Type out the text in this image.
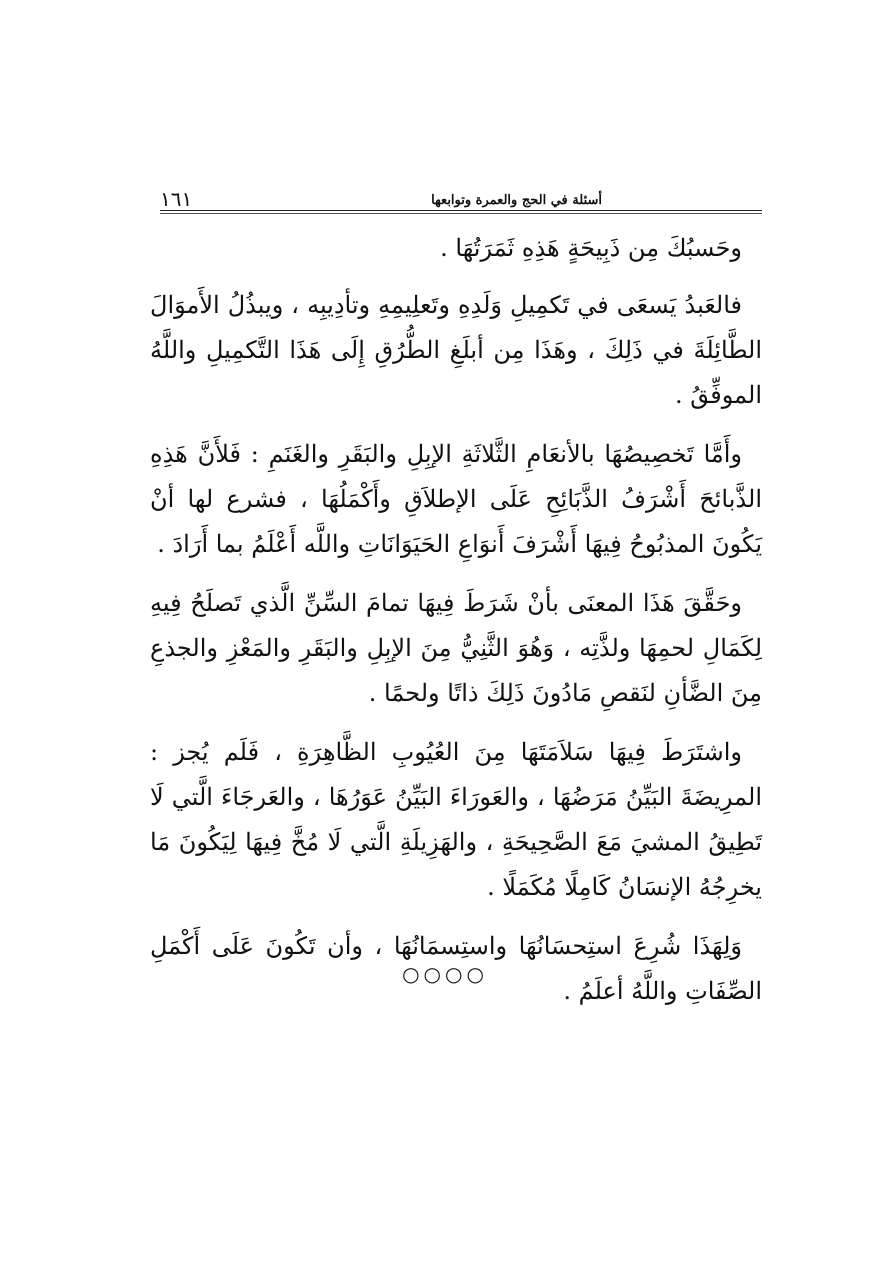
١٦١	أسئلة في الحج والعمرة وتوابعها

وحَسبُكَ مِن ذَبِيحَةٍ هَذِهِ ثَمَرَتُهَا .

فالعَبدُ يَسعَى في تَكمِيلِ وَلَدِهِ وتَعلِيمِهِ وتأدِيبِه ، ويبذُلُ الأَموَالَ الطَّائِلَةَ في ذَلِكَ ، وهَذَا مِن أبلَغِ الطُّرُقِ إِلَى هَذَا التَّكمِيلِ واللَّهُ الموفِّقُ .

وأَمَّا تَخصِيصُهَا بالأنعَامِ الثَّلاثَةِ الإبِلِ والبَقَرِ والغَنَمِ : فَلأَنَّ هَذِهِ الذَّبائحَ أَشْرَفُ الذَّبَائِحِ عَلَى الإطلاَقِ وأَكْمَلُهَا ، فشرع لها أنْ يَكُونَ المذبُوحُ فِيهَا أَشْرَفَ أَنوَاعِ الحَيَوَانَاتِ واللَّه أَعْلَمُ بما أَرَادَ .

وحَقَّقَ هَذَا المعنَى بأنْ شَرَطَ فِيهَا تمامَ السِّنِّ الَّذي تَصلَحُ فِيهِ لِكَمَالِ لحمِهَا ولذَّتِه ، وَهُوَ الثَّنِيُّ مِنَ الإبِلِ والبَقَرِ والمَعْزِ والجذعِ مِنَ الضَّأنِ لنَقصِ مَادُونَ ذَلِكَ ذاتًا ولحمًا .

واشتَرَطَ فِيهَا سَلاَمَتَهَا مِنَ العُيُوبِ الظَّاهِرَةِ ، فَلَم يُجز : المرِيضَةَ البَيِّنُ مَرَضُهَا ، والعَورَاءَ البَيِّنُ عَوَرُهَا ، والعَرجَاءَ الَّتي لَا تَطِيقُ المشيَ مَعَ الصَّحِيحَةِ ، والهَزِيلَةِ الَّتي لَا مُخَّ فِيهَا لِيَكُونَ مَا يخرِجُهُ الإنسَانُ كَامِلًا مُكَمَلًا .

وَلِهَذَا شُرِعَ استِحسَانُهَا واستِسمَانُهَا ، وأن تَكُونَ عَلَى أَكْمَلِ الصِّفَاتِ واللَّهُ أعلَمُ .

○○○○
